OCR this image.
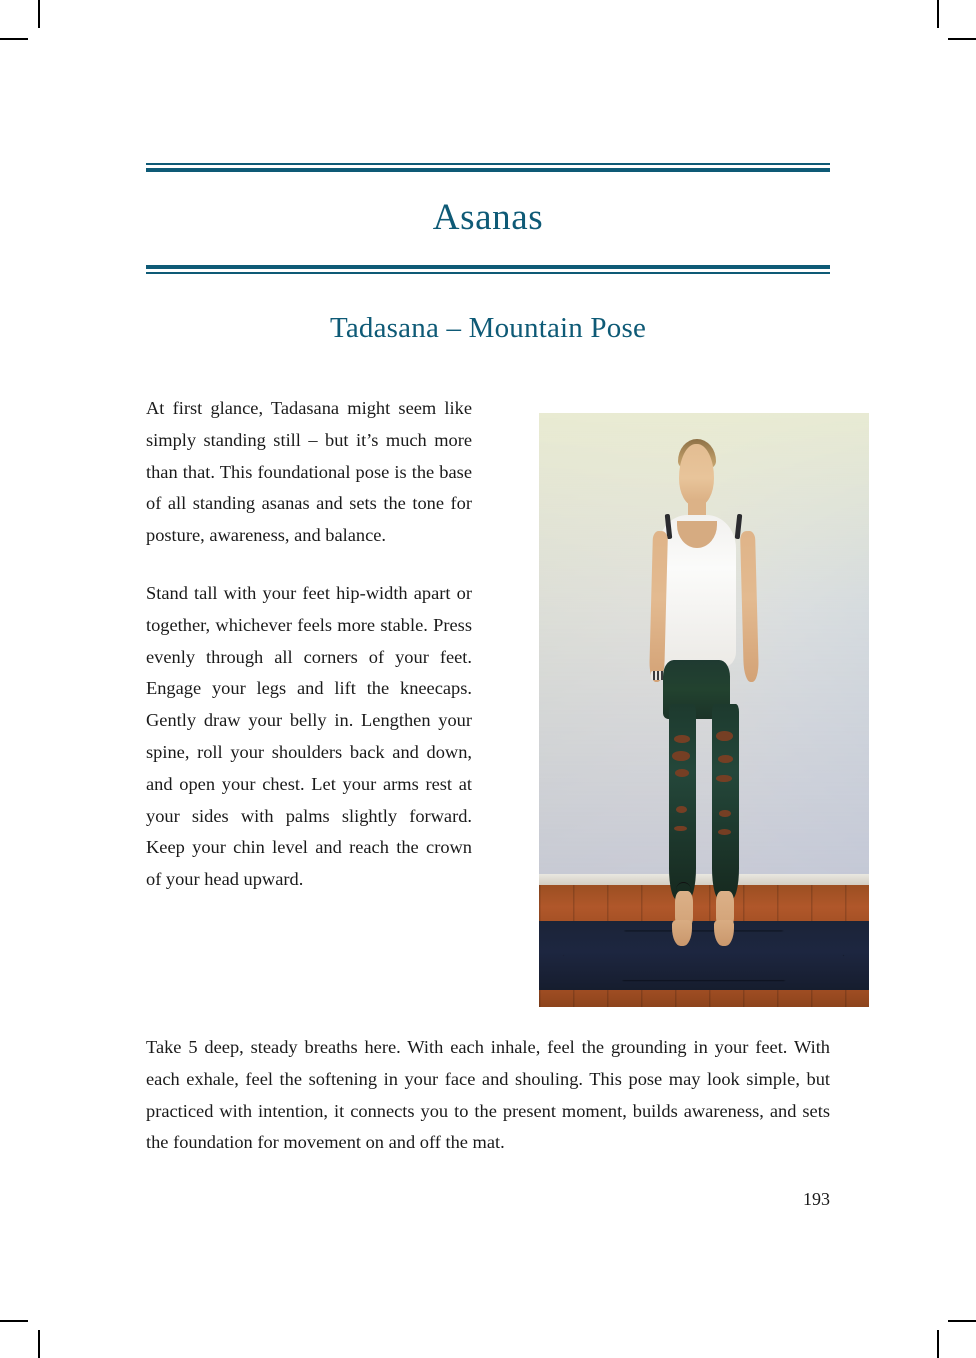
Asanas
Tadasana – Mountain Pose

At first glance, Tadasana might seem like simply standing still – but it’s much more than that. This foundational pose is the base of all standing asanas and sets the tone for posture, awareness, and balance.

Stand tall with your feet hip-width apart or together, whichever feels more stable. Press evenly through all corners of your feet. Engage your legs and lift the kneecaps. Gently draw your belly in. Lengthen your spine, roll your shoulders back and down, and open your chest. Let your arms rest at your sides with palms slightly forward. Keep your chin level and reach the crown of your head upward.

Take 5 deep, steady breaths here. With each inhale, feel the grounding in your feet. With each exhale, feel the softening in your face and shouling. This pose may look simple, but practiced with intention, it connects you to the present moment, builds awareness, and sets the foundation for movement on and off the mat.

193
